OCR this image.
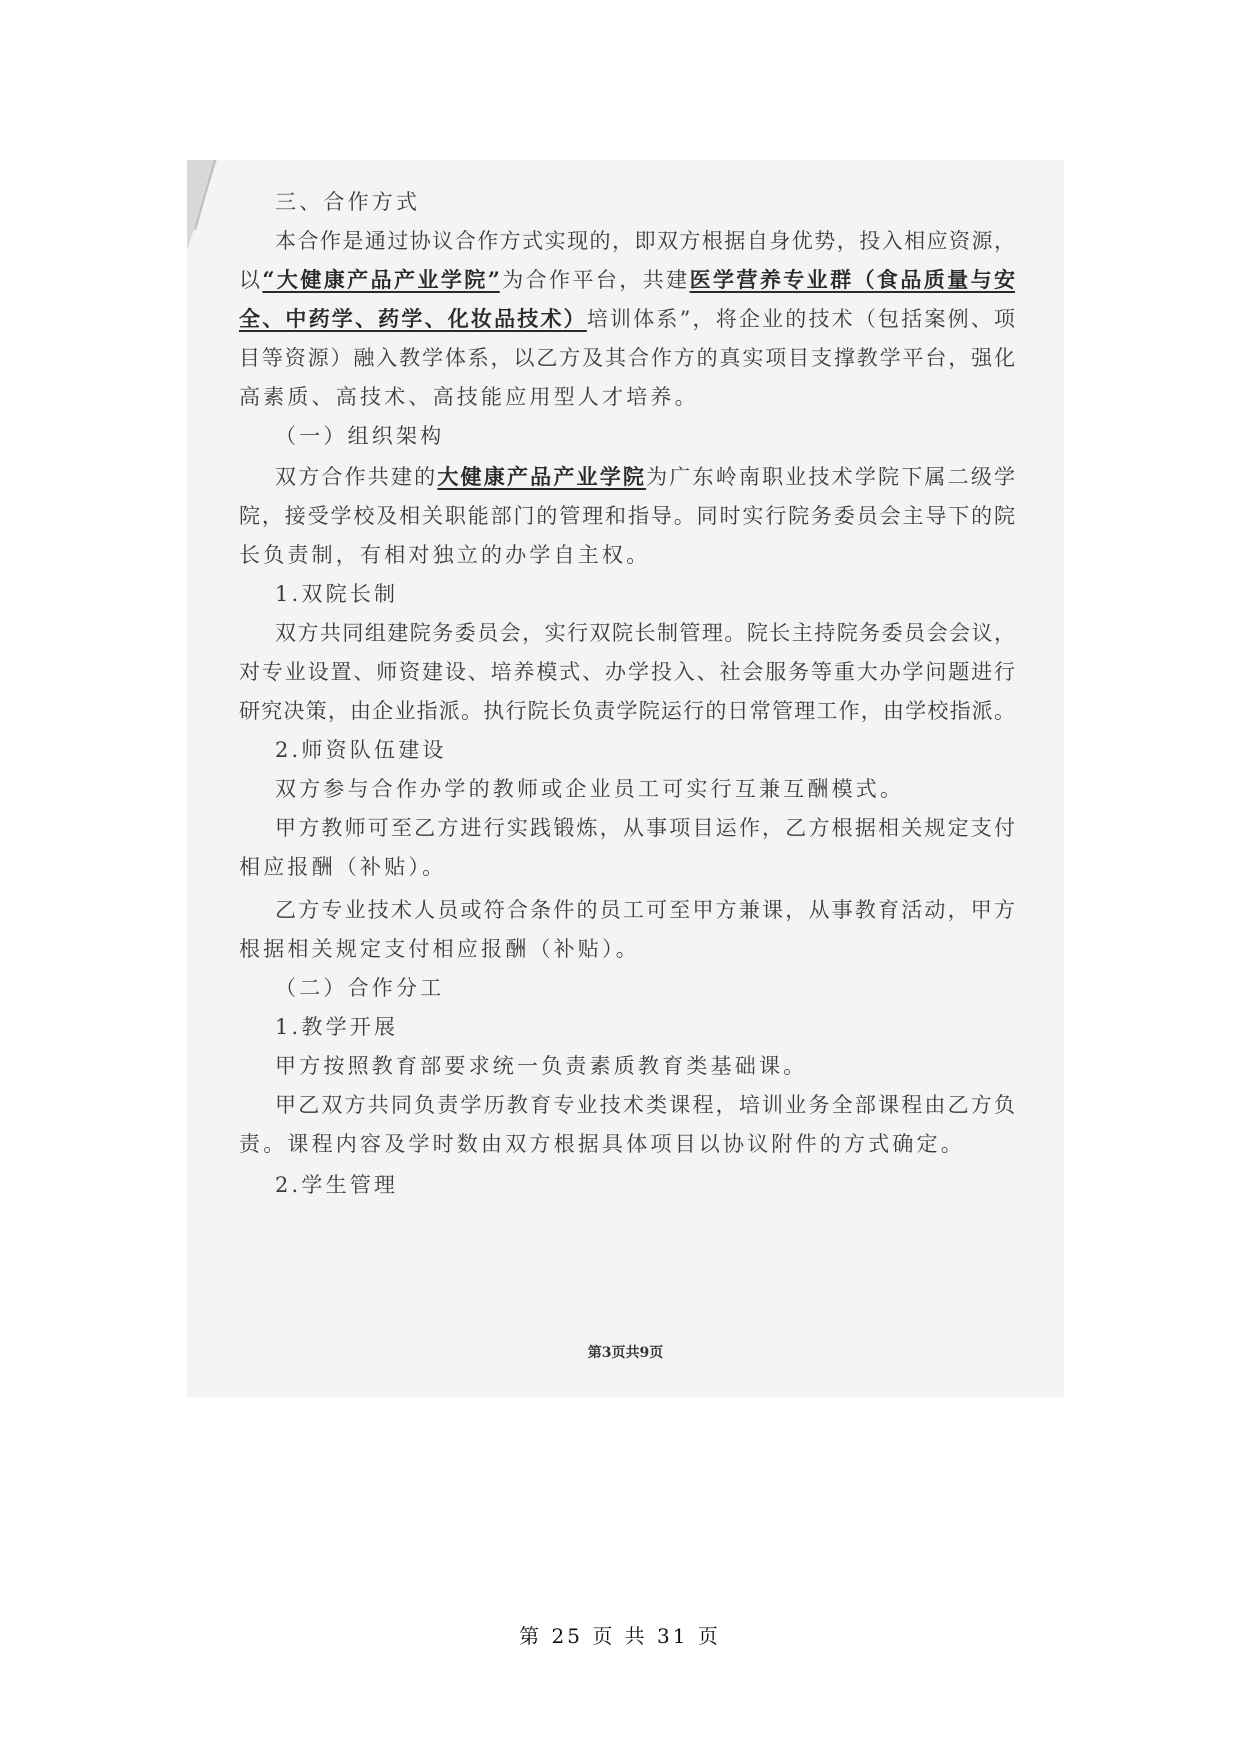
三、合作方式
本合作是通过协议合作方式实现的，即双方根据自身优势，投入相应资源，
以“大健康产品产业学院”为合作平台，共建医学营养专业群（食品质量与安
全、中药学、药学、化妆品技术）培训体系”，将企业的技术（包括案例、项
目等资源）融入教学体系，以乙方及其合作方的真实项目支撑教学平台，强化
高素质、高技术、高技能应用型人才培养。
（一）组织架构
双方合作共建的大健康产品产业学院为广东岭南职业技术学院下属二级学
院，接受学校及相关职能部门的管理和指导。同时实行院务委员会主导下的院
长负责制，有相对独立的办学自主权。
1.双院长制
双方共同组建院务委员会，实行双院长制管理。院长主持院务委员会会议，
对专业设置、师资建设、培养模式、办学投入、社会服务等重大办学问题进行
研究决策，由企业指派。执行院长负责学院运行的日常管理工作，由学校指派。
2.师资队伍建设
双方参与合作办学的教师或企业员工可实行互兼互酬模式。
甲方教师可至乙方进行实践锻炼，从事项目运作，乙方根据相关规定支付
相应报酬（补贴）。
乙方专业技术人员或符合条件的员工可至甲方兼课，从事教育活动，甲方
根据相关规定支付相应报酬（补贴）。
（二）合作分工
1.教学开展
甲方按照教育部要求统一负责素质教育类基础课。
甲乙双方共同负责学历教育专业技术类课程，培训业务全部课程由乙方负
责。课程内容及学时数由双方根据具体项目以协议附件的方式确定。
2.学生管理
第3页共9页
第 25 页 共 31 页
